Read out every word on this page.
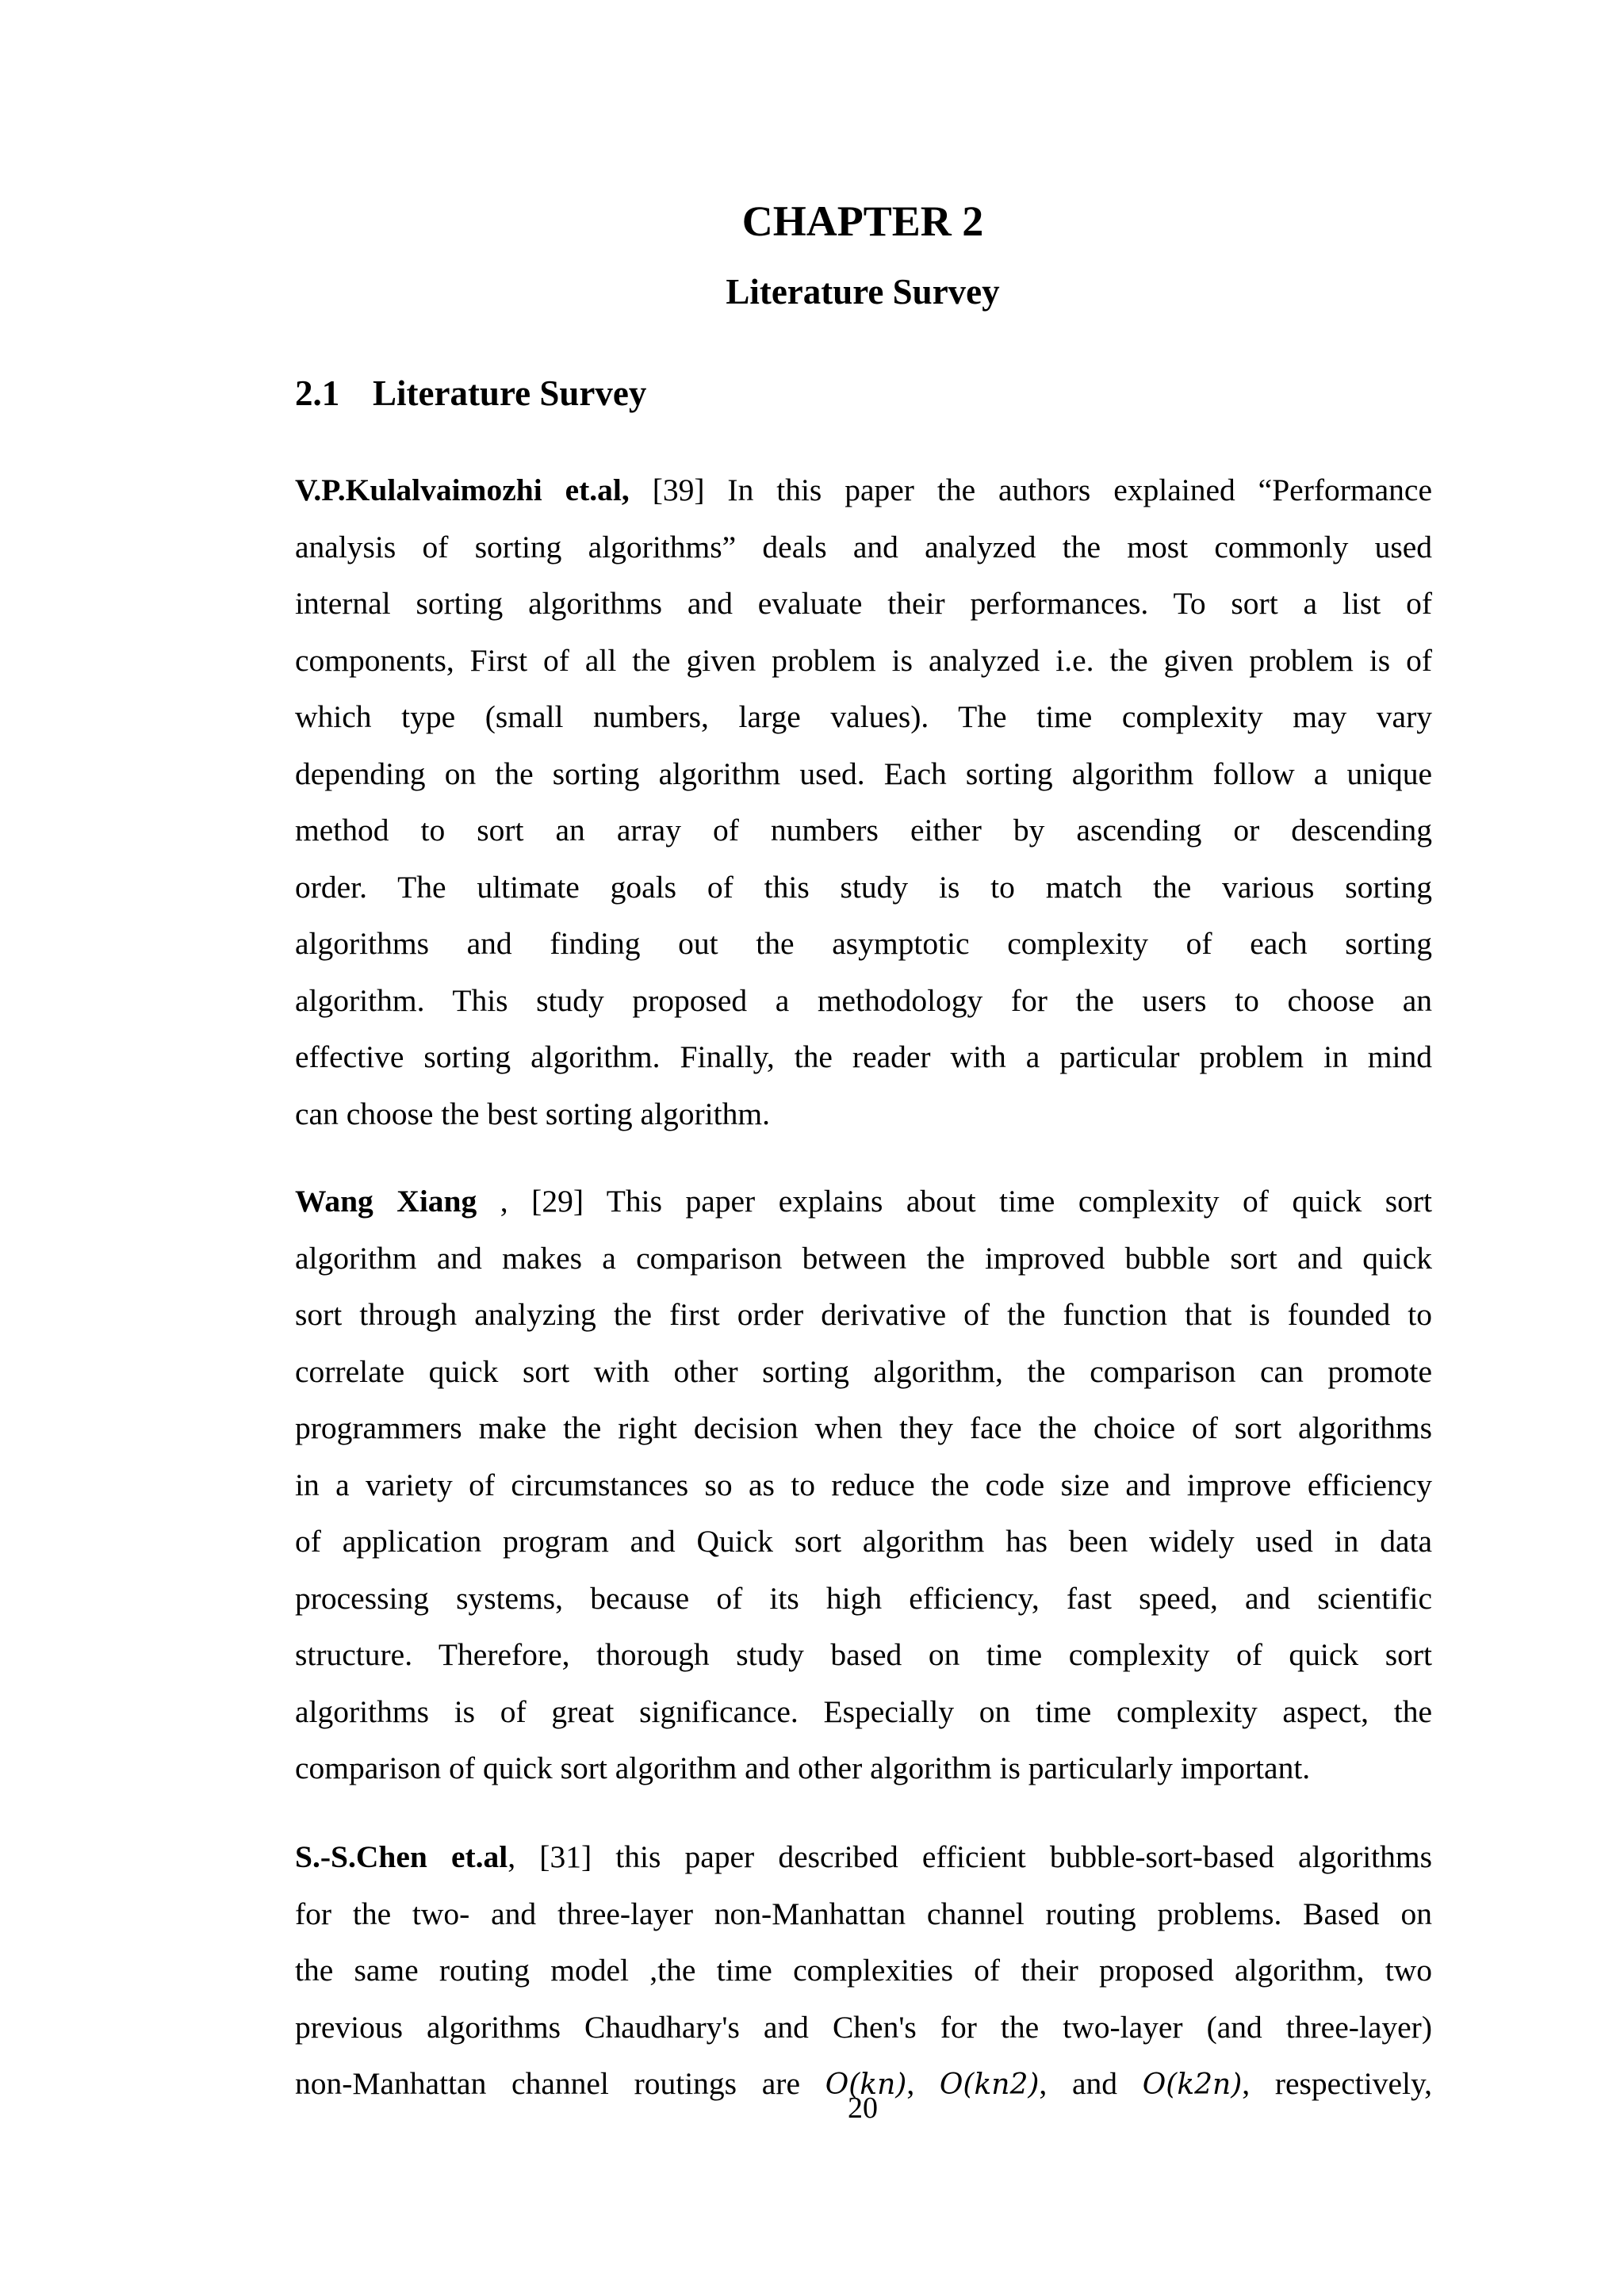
CHAPTER 2
Literature Survey
2.1 Literature Survey

V.P.Kulalvaimozhi et.al, [39] In this paper the authors explained “Performance
analysis of sorting algorithms” deals and analyzed the most commonly used
internal sorting algorithms and evaluate their performances. To sort a list of
components, First of all the given problem is analyzed i.e. the given problem is of
which type (small numbers, large values). The time complexity may vary
depending on the sorting algorithm used. Each sorting algorithm follow a unique
method to sort an array of numbers either by ascending or descending
order. The ultimate goals of this study is to match the various sorting
algorithms and finding out the asymptotic complexity of each sorting
algorithm. This study proposed a methodology for the users to choose an
effective sorting algorithm. Finally, the reader with a particular problem in mind
can choose the best sorting algorithm.

Wang Xiang , [29] This paper explains about time complexity of quick sort
algorithm and makes a comparison between the improved bubble sort and quick
sort through analyzing the first order derivative of the function that is founded to
correlate quick sort with other sorting algorithm, the comparison can promote
programmers make the right decision when they face the choice of sort algorithms
in a variety of circumstances so as to reduce the code size and improve efficiency
of application program and Quick sort algorithm has been widely used in data
processing systems, because of its high efficiency, fast speed, and scientific
structure. Therefore, thorough study based on time complexity of quick sort
algorithms is of great significance. Especially on time complexity aspect, the
comparison of quick sort algorithm and other algorithm is particularly important.

S.-S.Chen et.al, [31] this paper described efficient bubble-sort-based algorithms
for the two- and three-layer non-Manhattan channel routing problems. Based on
the same routing model ,the time complexities of their proposed algorithm, two
previous algorithms Chaudhary's and Chen's for the two-layer (and three-layer)
non-Manhattan channel routings are O(kn), O(kn2), and O(k2n), respectively,

20
